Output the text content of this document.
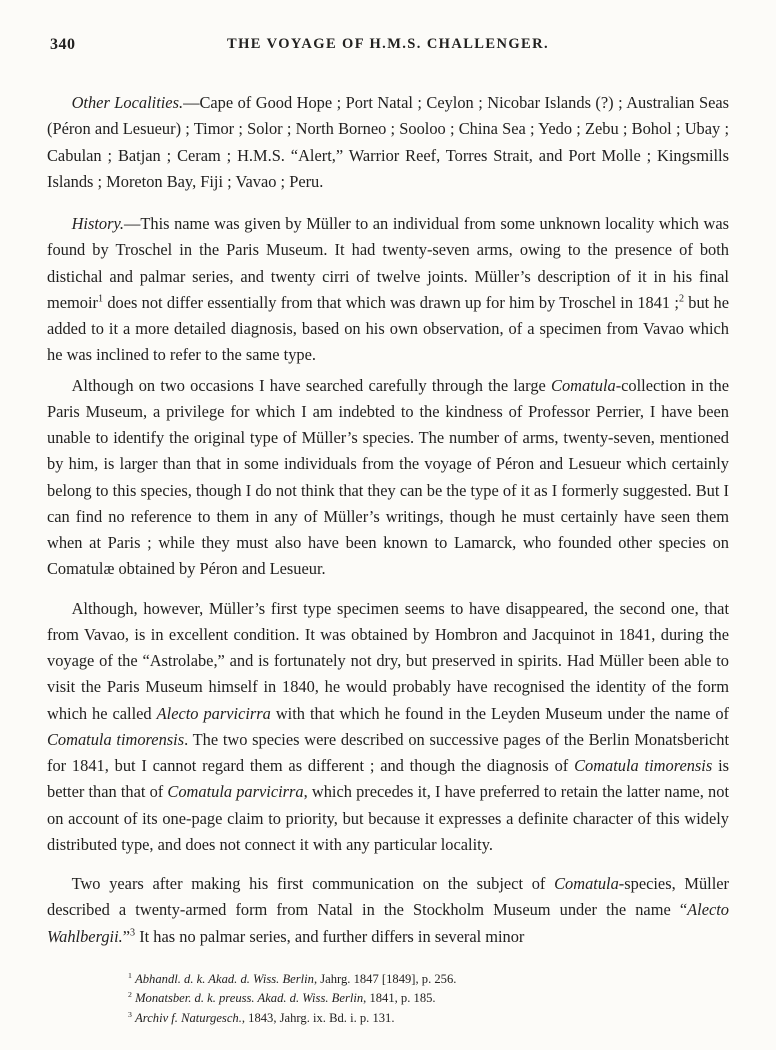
340	THE VOYAGE OF H.M.S. CHALLENGER.

Other Localities.—Cape of Good Hope ; Port Natal ; Ceylon ; Nicobar Islands (?) ; Australian Seas (Péron and Lesueur) ; Timor ; Solor ; North Borneo ; Sooloo ; China Sea ; Yedo ; Zebu ; Bohol ; Ubay ; Cabulan ; Batjan ; Ceram ; H.M.S. “Alert,” Warrior Reef, Torres Strait, and Port Molle ; Kingsmills Islands ; Moreton Bay, Fiji ; Vavao ; Peru.

History.—This name was given by Müller to an individual from some unknown locality which was found by Troschel in the Paris Museum. It had twenty-seven arms, owing to the presence of both distichal and palmar series, and twenty cirri of twelve joints. Müller’s description of it in his final memoir$^1$ does not differ essentially from that which was drawn up for him by Troschel in 1841 ;$^2$ but he added to it a more detailed diagnosis, based on his own observation, of a specimen from Vavao which he was inclined to refer to the same type.

Although on two occasions I have searched carefully through the large Comatula-collection in the Paris Museum, a privilege for which I am indebted to the kindness of Professor Perrier, I have been unable to identify the original type of Müller’s species. The number of arms, twenty-seven, mentioned by him, is larger than that in some individuals from the voyage of Péron and Lesueur which certainly belong to this species, though I do not think that they can be the type of it as I formerly suggested. But I can find no reference to them in any of Müller’s writings, though he must certainly have seen them when at Paris ; while they must also have been known to Lamarck, who founded other species on Comatulæ obtained by Péron and Lesueur.

Although, however, Müller’s first type specimen seems to have disappeared, the second one, that from Vavao, is in excellent condition. It was obtained by Hombron and Jacquinot in 1841, during the voyage of the “Astrolabe,” and is fortunately not dry, but preserved in spirits. Had Müller been able to visit the Paris Museum himself in 1840, he would probably have recognised the identity of the form which he called Alecto parvicirra with that which he found in the Leyden Museum under the name of Comatula timorensis. The two species were described on successive pages of the Berlin Monatsbericht for 1841, but I cannot regard them as different ; and though the diagnosis of Comatula timorensis is better than that of Comatula parvicirra, which precedes it, I have preferred to retain the latter name, not on account of its one-page claim to priority, but because it expresses a definite character of this widely distributed type, and does not connect it with any particular locality.

Two years after making his first communication on the subject of Comatula-species, Müller described a twenty-armed form from Natal in the Stockholm Museum under the name “Alecto Wahlbergii.”$^3$ It has no palmar series, and further differs in several minor

$^1$ Abhandl. d. k. Akad. d. Wiss. Berlin, Jahrg. 1847 [1849], p. 256.
$^2$ Monatsber. d. k. preuss. Akad. d. Wiss. Berlin, 1841, p. 185.
$^3$ Archiv f. Naturgesch., 1843, Jahrg. ix. Bd. i. p. 131.
